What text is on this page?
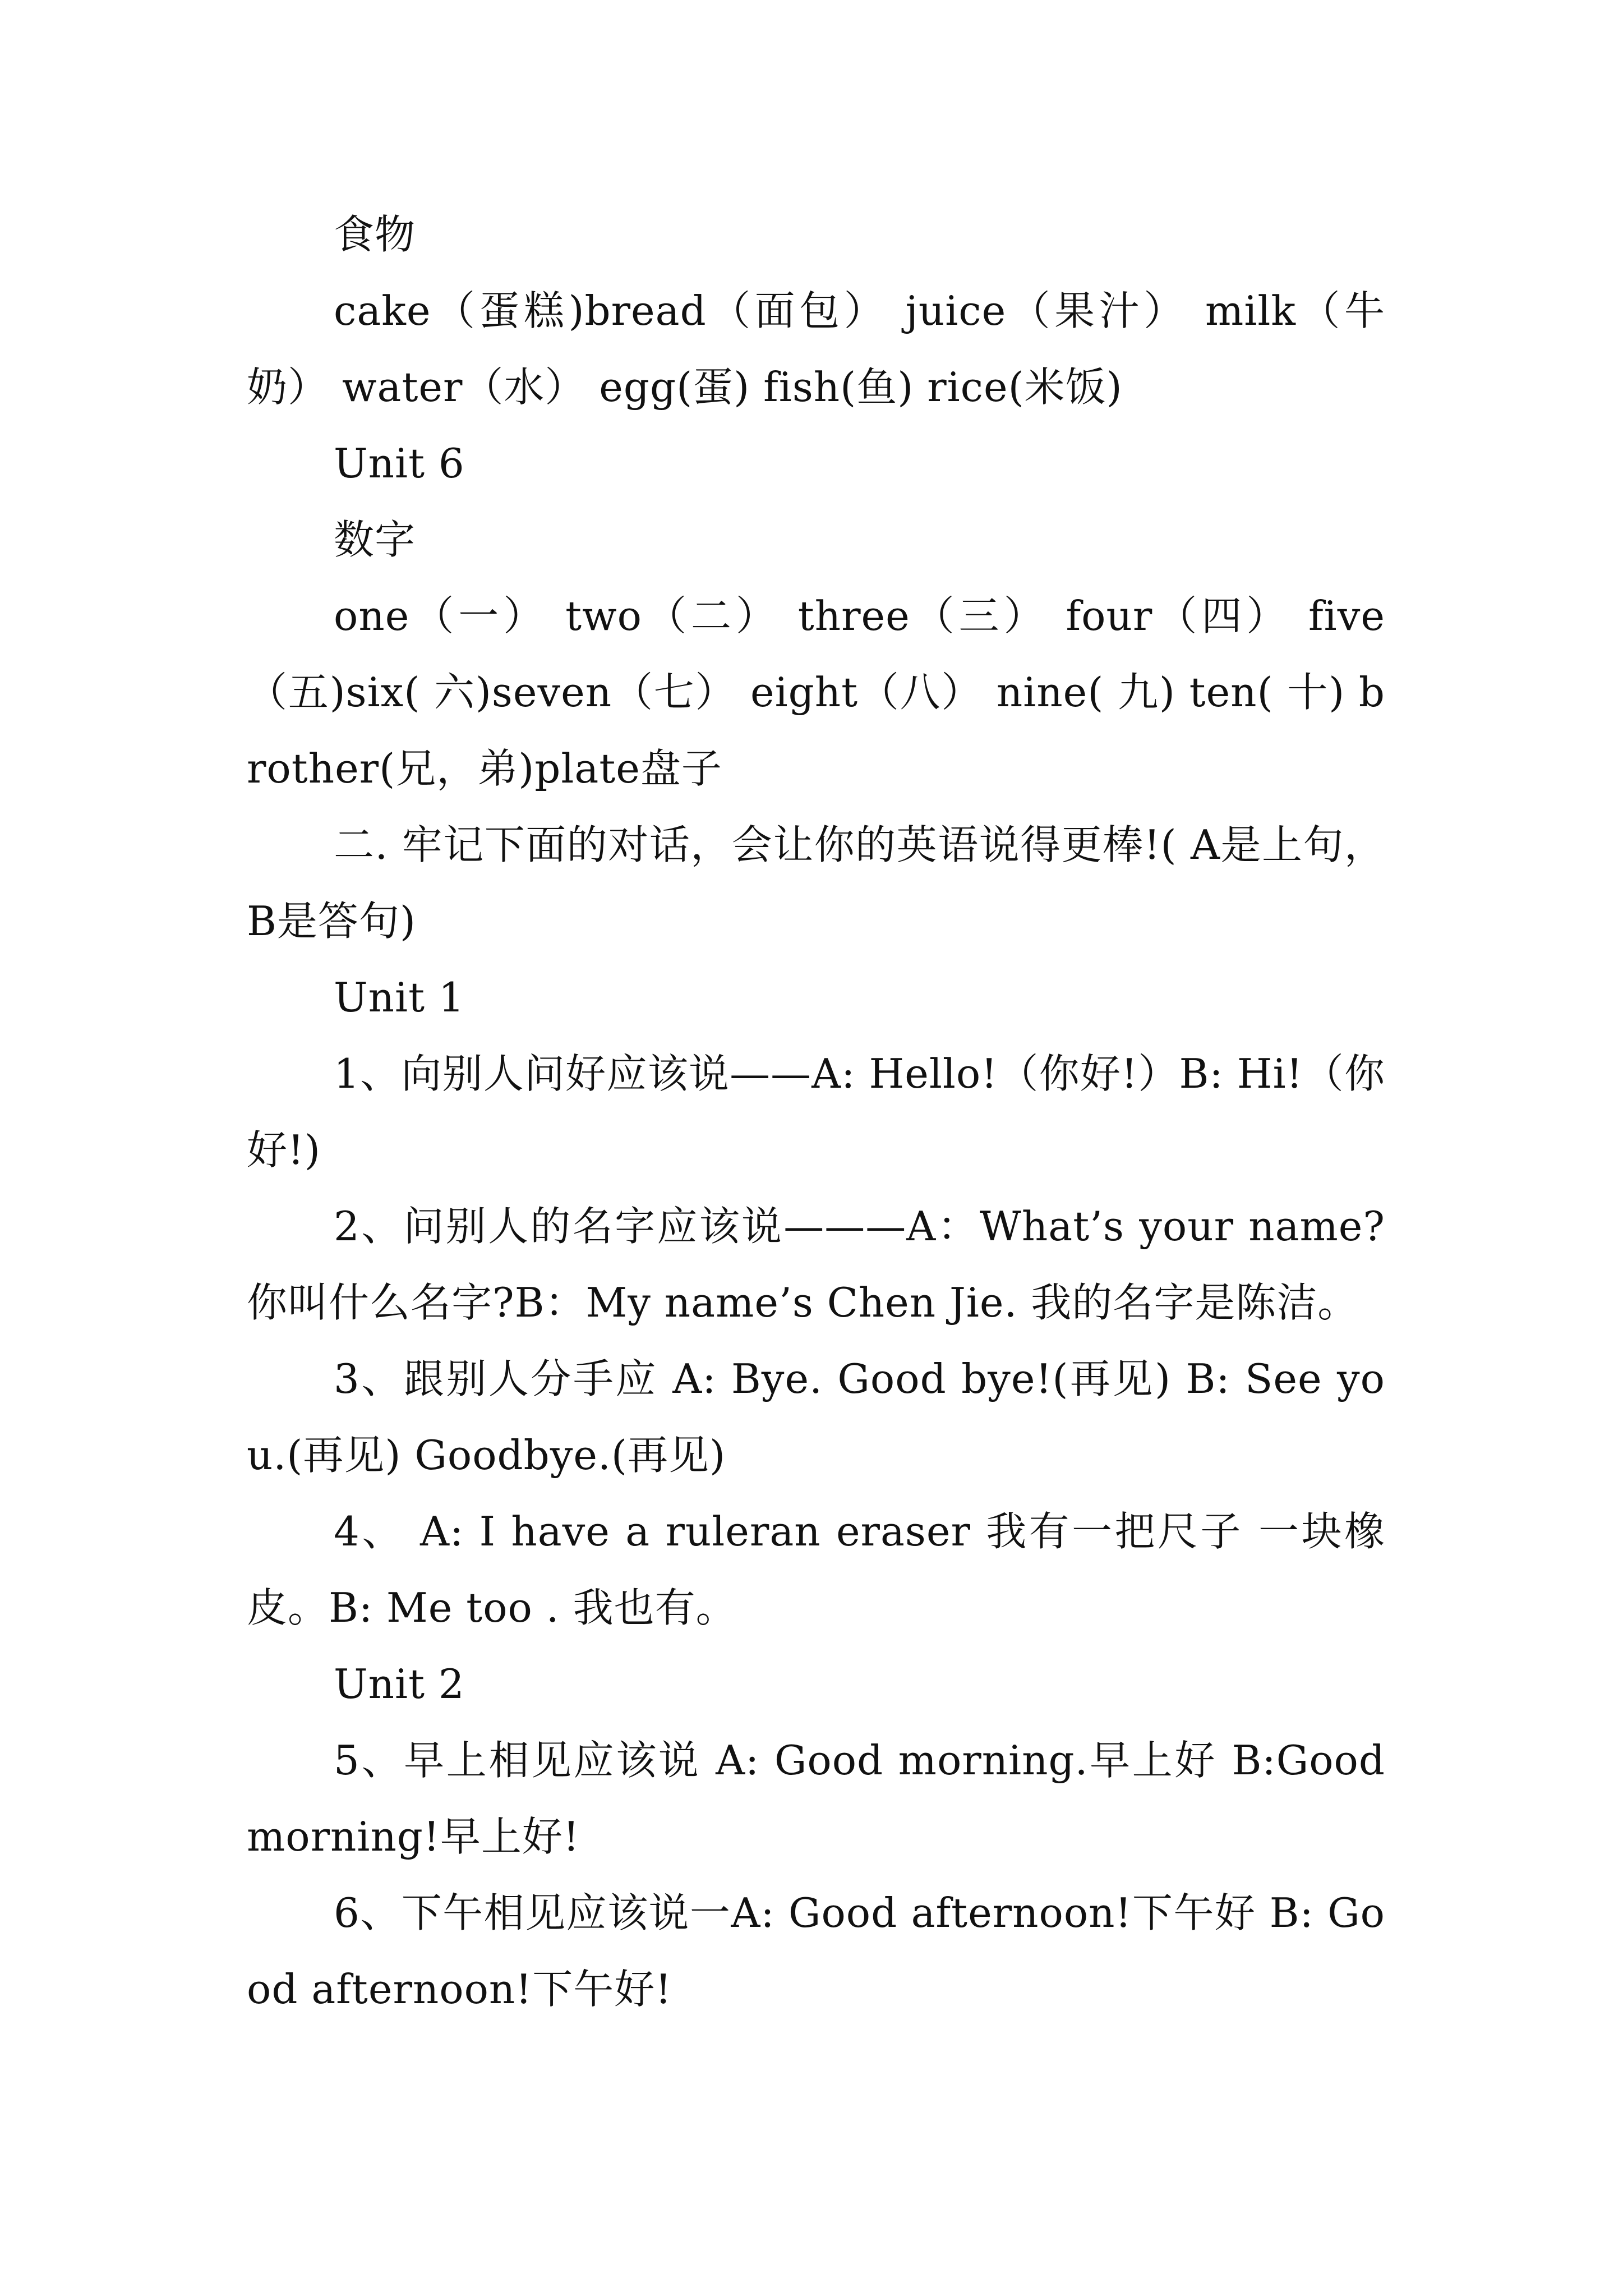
食物

cake（蛋糕)bread（面包） juice（果汁） milk（牛奶） water（水） egg(蛋) fish(鱼) rice(米饭)

Unit 6

数字

one（一） two（二） three（三） four（四） five（五)six( 六)seven（七） eight（八） nine( 九) ten( 十) brother(兄，弟)plate盘子

二. 牢记下面的对话，会让你的英语说得更棒!( A是上句，B是答句)

Unit 1

1、向别人问好应该说——A: Hello!（你好!）B: Hi!（你好!)

2、问别人的名字应该说———A：What’s your name?你叫什么名字?B：My name’s Chen Jie. 我的名字是陈洁。

3、跟别人分手应 A: Bye. Good bye!(再见) B: See you.(再见) Goodbye.(再见)

4、 A: I have a ruleran eraser 我有一把尺子 一块橡皮。B: Me too . 我也有。

Unit 2

5、早上相见应该说 A: Good morning.早上好 B:Good morning!早上好!

6、下午相见应该说一A: Good afternoon!下午好 B: Good afternoon!下午好!
